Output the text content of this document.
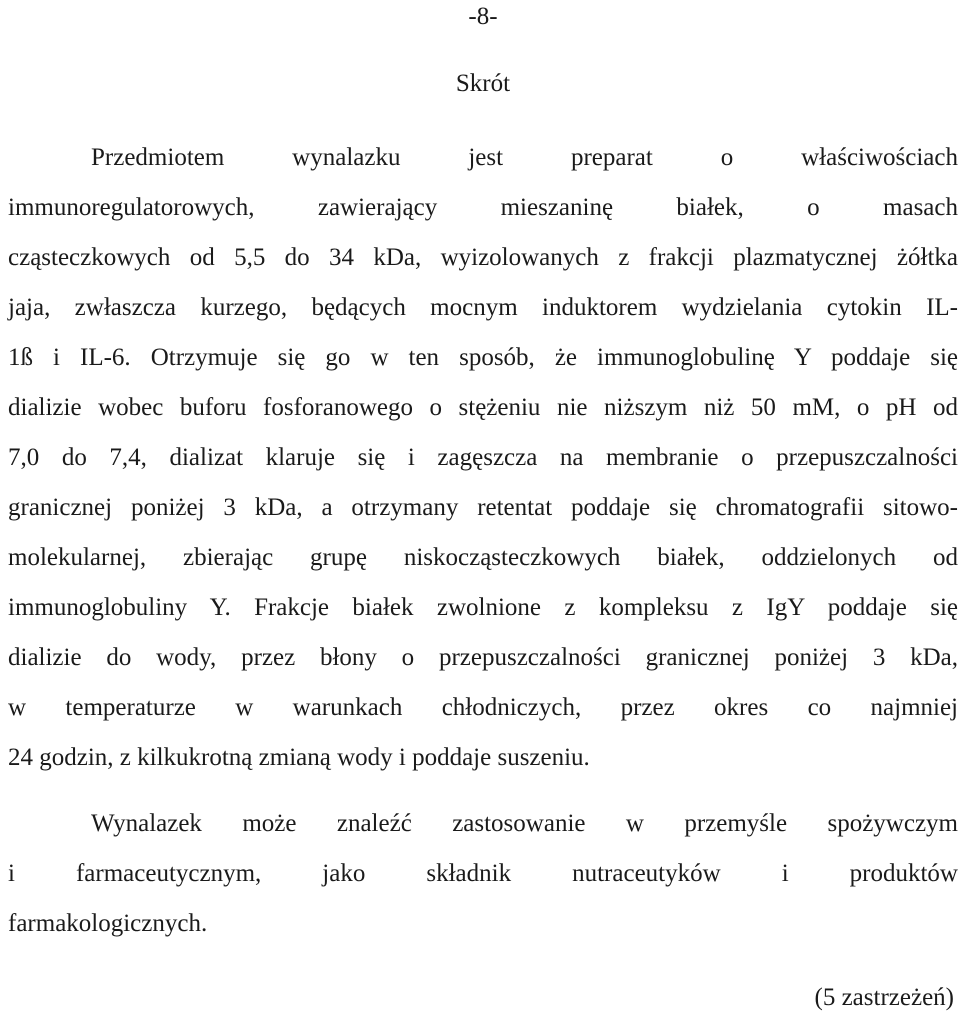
-8-
Skrót

Przedmiotem wynalazku jest preparat o właściwościach
immunoregulatorowych, zawierający mieszaninę białek, o masach
cząsteczkowych od 5,5 do 34 kDa, wyizolowanych z frakcji plazmatycznej żółtka
jaja, zwłaszcza kurzego, będących mocnym induktorem wydzielania cytokin IL-
1ß i IL-6. Otrzymuje się go w ten sposób, że immunoglobulinę Y poddaje się
dializie wobec buforu fosforanowego o stężeniu nie niższym niż 50 mM, o pH od
7,0 do 7,4, dializat klaruje się i zagęszcza na membranie o przepuszczalności
granicznej poniżej 3 kDa, a otrzymany retentat poddaje się chromatografii sitowo-
molekularnej, zbierając grupę niskocząsteczkowych białek, oddzielonych od
immunoglobuliny Y. Frakcje białek zwolnione z kompleksu z IgY poddaje się
dializie do wody, przez błony o przepuszczalności granicznej poniżej 3 kDa,
w temperaturze w warunkach chłodniczych, przez okres co najmniej
24 godzin, z kilkukrotną zmianą wody i poddaje suszeniu.

Wynalazek może znaleźć zastosowanie w przemyśle spożywczym
i farmaceutycznym, jako składnik nutraceutyków i produktów
farmakologicznych.

(5 zastrzeżeń)
